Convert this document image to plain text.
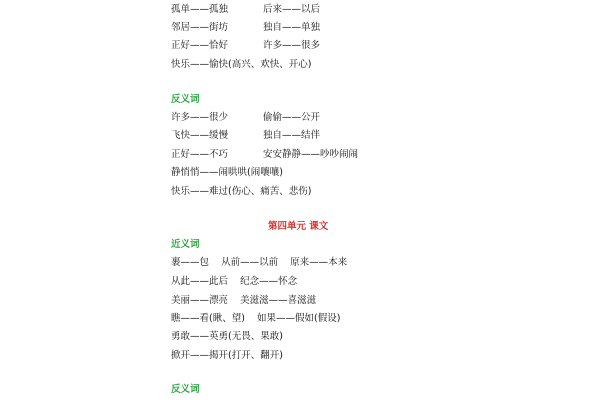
孤单——孤独	后来——以后
邻居——街坊	独自——单独
正好——恰好	许多——很多
快乐——愉快(高兴、欢快、开心)
反义词
许多——很少	偷偷——公开
飞快——缓慢	独自——结伴
正好——不巧	安安静静——吵吵闹闹
静悄悄——闹哄哄(闹嚷嚷)
快乐——难过(伤心、痛苦、悲伤)
第四单元 课文
近义词
裹——包    从前——以前    原来——本来
从此——此后    纪念——怀念
美丽——漂亮    美滋滋——喜滋滋
瞧——看(瞅、望)    如果——假如(假设)
勇敢——英勇(无畏、果敢)
掀开——揭开(打开、翻开)
反义词
